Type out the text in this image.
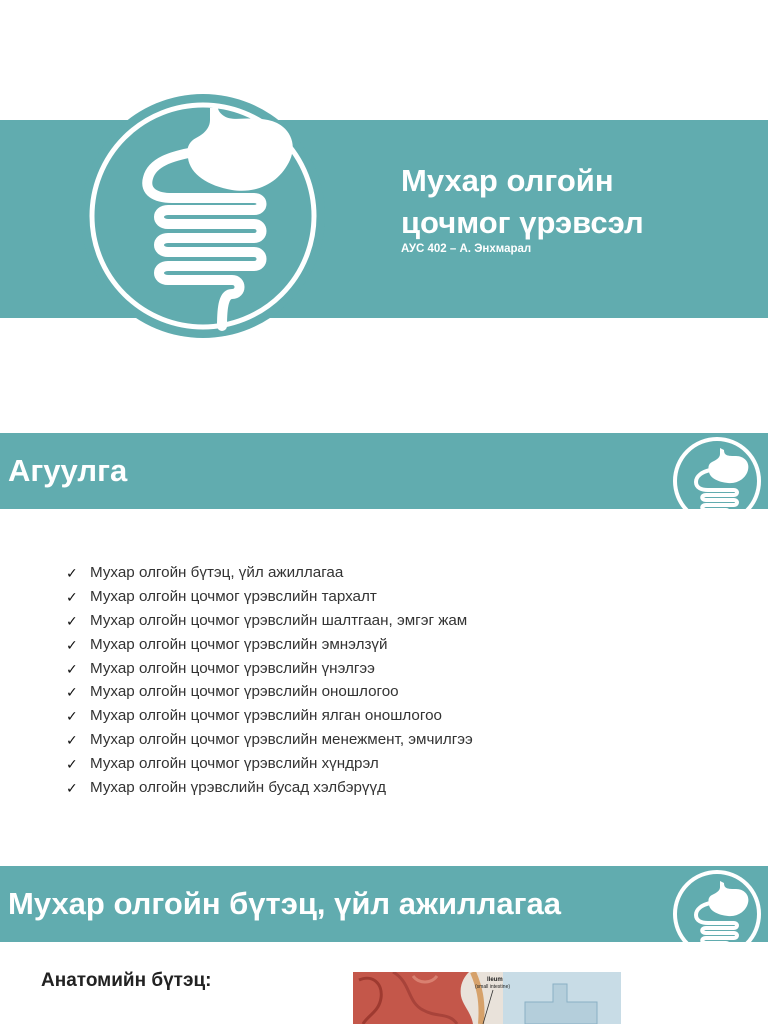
Мухар олгойн
цочмог үрэвсэл
АУС 402 – А. Энхмарал
Агуулга
✓ Мухар олгойн бүтэц, үйл ажиллагаа
✓ Мухар олгойн цочмог үрэвслийн тархалт
✓ Мухар олгойн цочмог үрэвслийн шалтгаан, эмгэг жам
✓ Мухар олгойн цочмог үрэвслийн эмнэлзүй
✓ Мухар олгойн цочмог үрэвслийн үнэлгээ
✓ Мухар олгойн цочмог үрэвслийн оношлогоо
✓ Мухар олгойн цочмог үрэвслийн ялган оношлогоо
✓ Мухар олгойн цочмог үрэвслийн менежмент, эмчилгээ
✓ Мухар олгойн цочмог үрэвслийн хүндрэл
✓ Мухар олгойн үрэвслийн бусад хэлбэрүүд
Мухар олгойн бүтэц, үйл ажиллагаа
Анатомийн бүтэц:	Ileum
(small intestine)
